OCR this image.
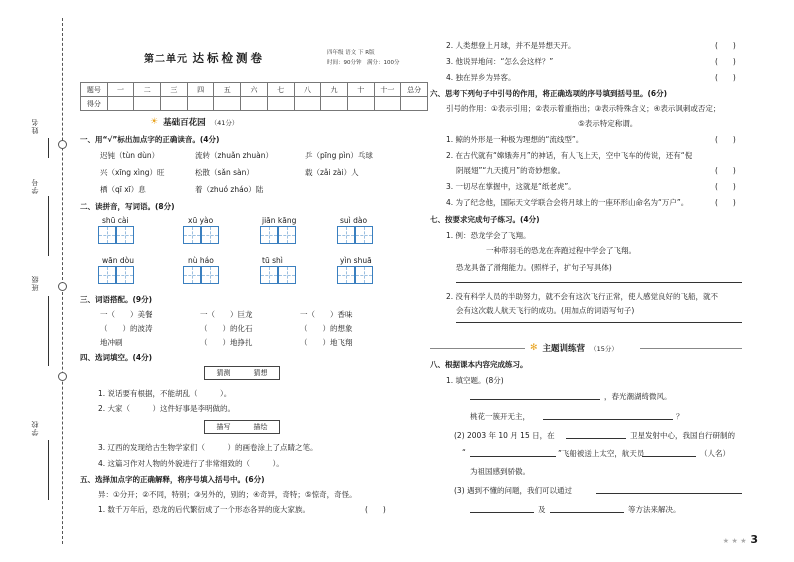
姓名
学号
班级
学校
第二单元 达标检测卷	四年级 语文 下 R版
时间：90分钟　满分：100分
题号	一	二	三	四	五	六	七	八	九	十	十一	总分
得分												
☀ 基础百花园 （41分）
一、用“√”标出加点字的正确读音。(4分)
迟钝（tùn dùn）	流转（zhuǎn zhuàn）	乒（pīng pìn）乓球
兴（xīng xìng）旺	松散（sǎn sàn）	载（zǎi zài）人
栖（qī xī）息	着（zhuó zháo）陆
二、读拼音，写词语。(8分)
shū cài	xū yào	jiān kāng	suì dào
wān dòu	nù háo	tū shì	yìn shuā
三、词语搭配。(9分)
一（　　）美餐	一（　　）巨龙	一（　　）香味
（　　）的波涛	（　　）的化石	（　　）的想象
地冲刷	（　　）地挣扎	（　　）地飞翔
四、选词填空。(4分)
猜测	猜想
1. 说话要有根据，不能胡乱（　　　）。
2. 大家（　　　）这件好事是李明做的。
描写	描绘
3. 辽西的发现给古生物学家们（　　　）的画卷涂上了点睛之笔。
4. 这篇习作对人物的外貌进行了非常细致的（　　　）。
五、选择加点字的正确解释，将序号填入括号中。(6分)
异：①分开；②不同，特别；③另外的，别的；④奇异，奇特；⑤惊奇，奇怪。
1. 数千万年后，恐龙的后代繁衍成了一个形态各异的庞大家族。	(　　)
2. 人类想登上月球，并不是异想天开。	(　　)
3. 他说异地问：“怎么会这样？”	(　　)
4. 独在异乡为异客。	(　　)
六、思考下列句子中引号的作用，将正确选项的序号填到括号里。(6分)
引号的作用：①表示引用；②表示着重指出；③表示特殊含义；④表示讽刺或否定；
⑤表示特定称谓。
1. 鲸的外形是一种极为理想的“流线型”。	(　　)
2. 在古代就有“嫦娥奔月”的神话，有人飞上天，空中飞车的传说，还有“倪
阴展翅”“九天揽月”的奇妙想象。	(　　)
3. 一切尽在掌握中，这就是“纸老虎”。	(　　)
4. 为了纪念他，国际天文学联合会将月球上的一座环形山命名为“万户”。	(　　)
七、按要求完成句子练习。(4分)
1. 例：恐龙学会了飞翔。
一种带羽毛的恐龙在奔跑过程中学会了飞翔。
恐龙具备了滑翔能力。(照样子，扩句子写具体)
2. 没有科学人员的半助努力，就不会有这次飞行正常，使人感觉良好的飞船，就不
会有这次载人航天飞行的成功。(用加点的词语写句子)
✻ 主题训练营 （15分）
八、根据课本内容完成练习。
1. 填空题。(8分)
，春光潮湖绮微风。
桃花一簇开无主，	？
(2) 2003 年 10 月 15 日，在	卫星发射中心，我国自行研制的
“	”飞船被送上太空，航天员	（人名）
为祖国感到骄傲。
(3) 遇到不懂的问题，我们可以通过
及	等方法来解决。
★ ★ ★ 3
